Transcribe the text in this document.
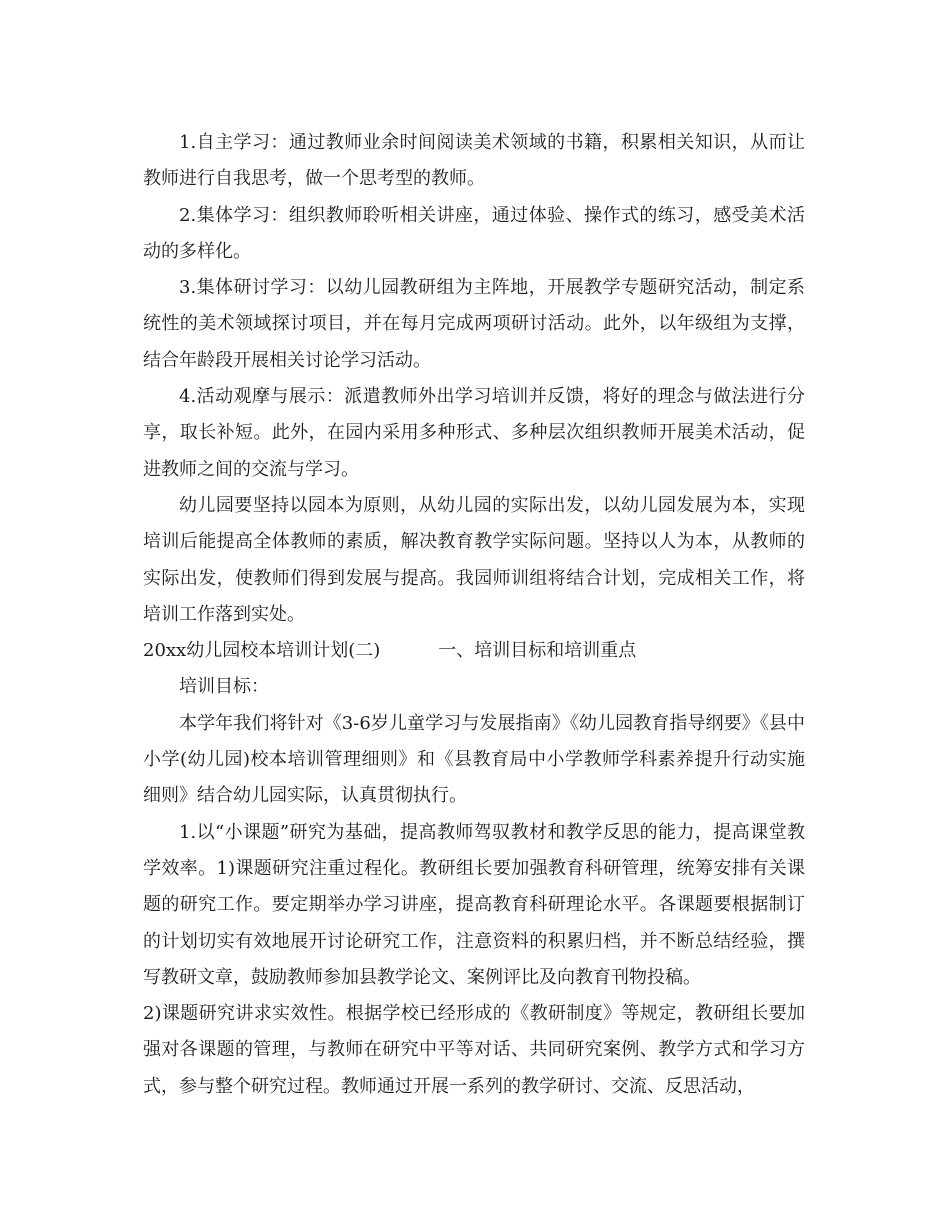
1.自主学习：通过教师业余时间阅读美术领域的书籍，积累相关知识，从而让教师进行自我思考，做一个思考型的教师。

2.集体学习：组织教师聆听相关讲座，通过体验、操作式的练习，感受美术活动的多样化。

3.集体研讨学习：以幼儿园教研组为主阵地，开展教学专题研究活动，制定系统性的美术领域探讨项目，并在每月完成两项研讨活动。此外，以年级组为支撑，结合年龄段开展相关讨论学习活动。

4.活动观摩与展示：派遣教师外出学习培训并反馈，将好的理念与做法进行分享，取长补短。此外，在园内采用多种形式、多种层次组织教师开展美术活动，促进教师之间的交流与学习。

幼儿园要坚持以园本为原则，从幼儿园的实际出发，以幼儿园发展为本，实现培训后能提高全体教师的素质，解决教育教学实际问题。坚持以人为本，从教师的实际出发，使教师们得到发展与提高。我园师训组将结合计划，完成相关工作，将培训工作落到实处。

20xx幼儿园校本培训计划(二)	一、培训目标和培训重点

培训目标：

本学年我们将针对《3-6岁儿童学习与发展指南》《幼儿园教育指导纲要》《县中小学(幼儿园)校本培训管理细则》和《县教育局中小学教师学科素养提升行动实施细则》结合幼儿园实际，认真贯彻执行。

1.以“小课题”研究为基础，提高教师驾驭教材和教学反思的能力，提高课堂教学效率。1)课题研究注重过程化。教研组长要加强教育科研管理，统筹安排有关课题的研究工作。要定期举办学习讲座，提高教育科研理论水平。各课题要根据制订的计划切实有效地展开讨论研究工作，注意资料的积累归档，并不断总结经验，撰写教研文章，鼓励教师参加县教学论文、案例评比及向教育刊物投稿。

2)课题研究讲求实效性。根据学校已经形成的《教研制度》等规定，教研组长要加强对各课题的管理，与教师在研究中平等对话、共同研究案例、教学方式和学习方式，参与整个研究过程。教师通过开展一系列的教学研讨、交流、反思活动，
